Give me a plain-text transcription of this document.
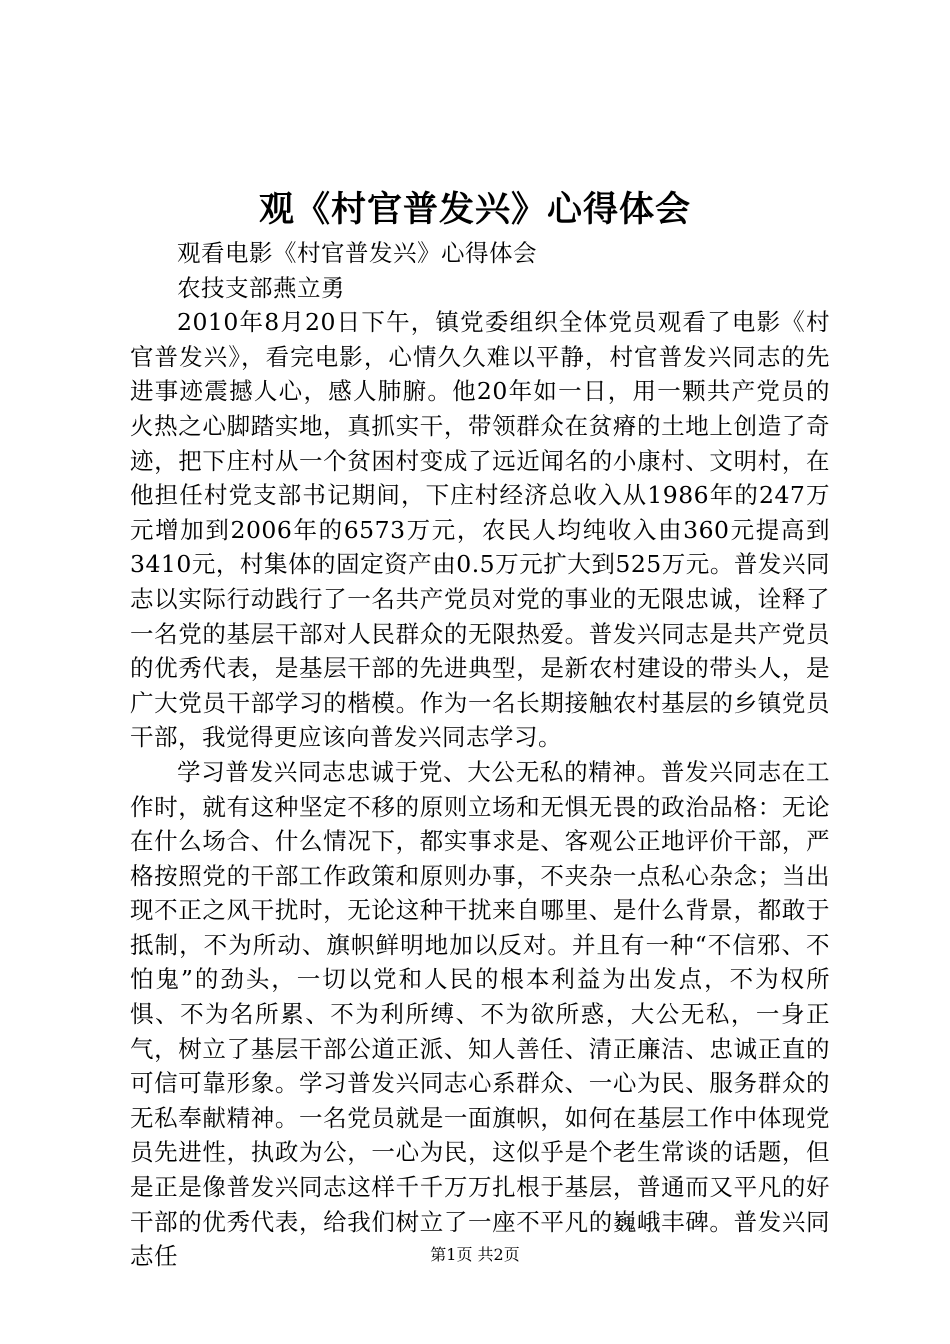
观《村官普发兴》心得体会

观看电影《村官普发兴》心得体会

农技支部燕立勇

2010年8月20日下午，镇党委组织全体党员观看了电影《村官普发兴》，看完电影，心情久久难以平静，村官普发兴同志的先进事迹震撼人心，感人肺腑。他20年如一日，用一颗共产党员的火热之心脚踏实地，真抓实干，带领群众在贫瘠的土地上创造了奇迹，把下庄村从一个贫困村变成了远近闻名的小康村、文明村，在他担任村党支部书记期间，下庄村经济总收入从1986年的247万元增加到2006年的6573万元，农民人均纯收入由360元提高到3410元，村集体的固定资产由0.5万元扩大到525万元。普发兴同志以实际行动践行了一名共产党员对党的事业的无限忠诚，诠释了一名党的基层干部对人民群众的无限热爱。普发兴同志是共产党员的优秀代表，是基层干部的先进典型，是新农村建设的带头人，是广大党员干部学习的楷模。作为一名长期接触农村基层的乡镇党员干部，我觉得更应该向普发兴同志学习。

学习普发兴同志忠诚于党、大公无私的精神。普发兴同志在工作时，就有这种坚定不移的原则立场和无惧无畏的政治品格：无论在什么场合、什么情况下，都实事求是、客观公正地评价干部，严格按照党的干部工作政策和原则办事，不夹杂一点私心杂念；当出现不正之风干扰时，无论这种干扰来自哪里、是什么背景，都敢于抵制，不为所动、旗帜鲜明地加以反对。并且有一种“不信邪、不怕鬼”的劲头，一切以党和人民的根本利益为出发点，不为权所惧、不为名所累、不为利所缚、不为欲所惑，大公无私，一身正气，树立了基层干部公道正派、知人善任、清正廉洁、忠诚正直的可信可靠形象。学习普发兴同志心系群众、一心为民、服务群众的无私奉献精神。一名党员就是一面旗帜，如何在基层工作中体现党员先进性，执政为公，一心为民，这似乎是个老生常谈的话题，但是正是像普发兴同志这样千千万万扎根于基层，普通而又平凡的好干部的优秀代表，给我们树立了一座不平凡的巍峨丰碑。普发兴同志任	第1页 共2页
